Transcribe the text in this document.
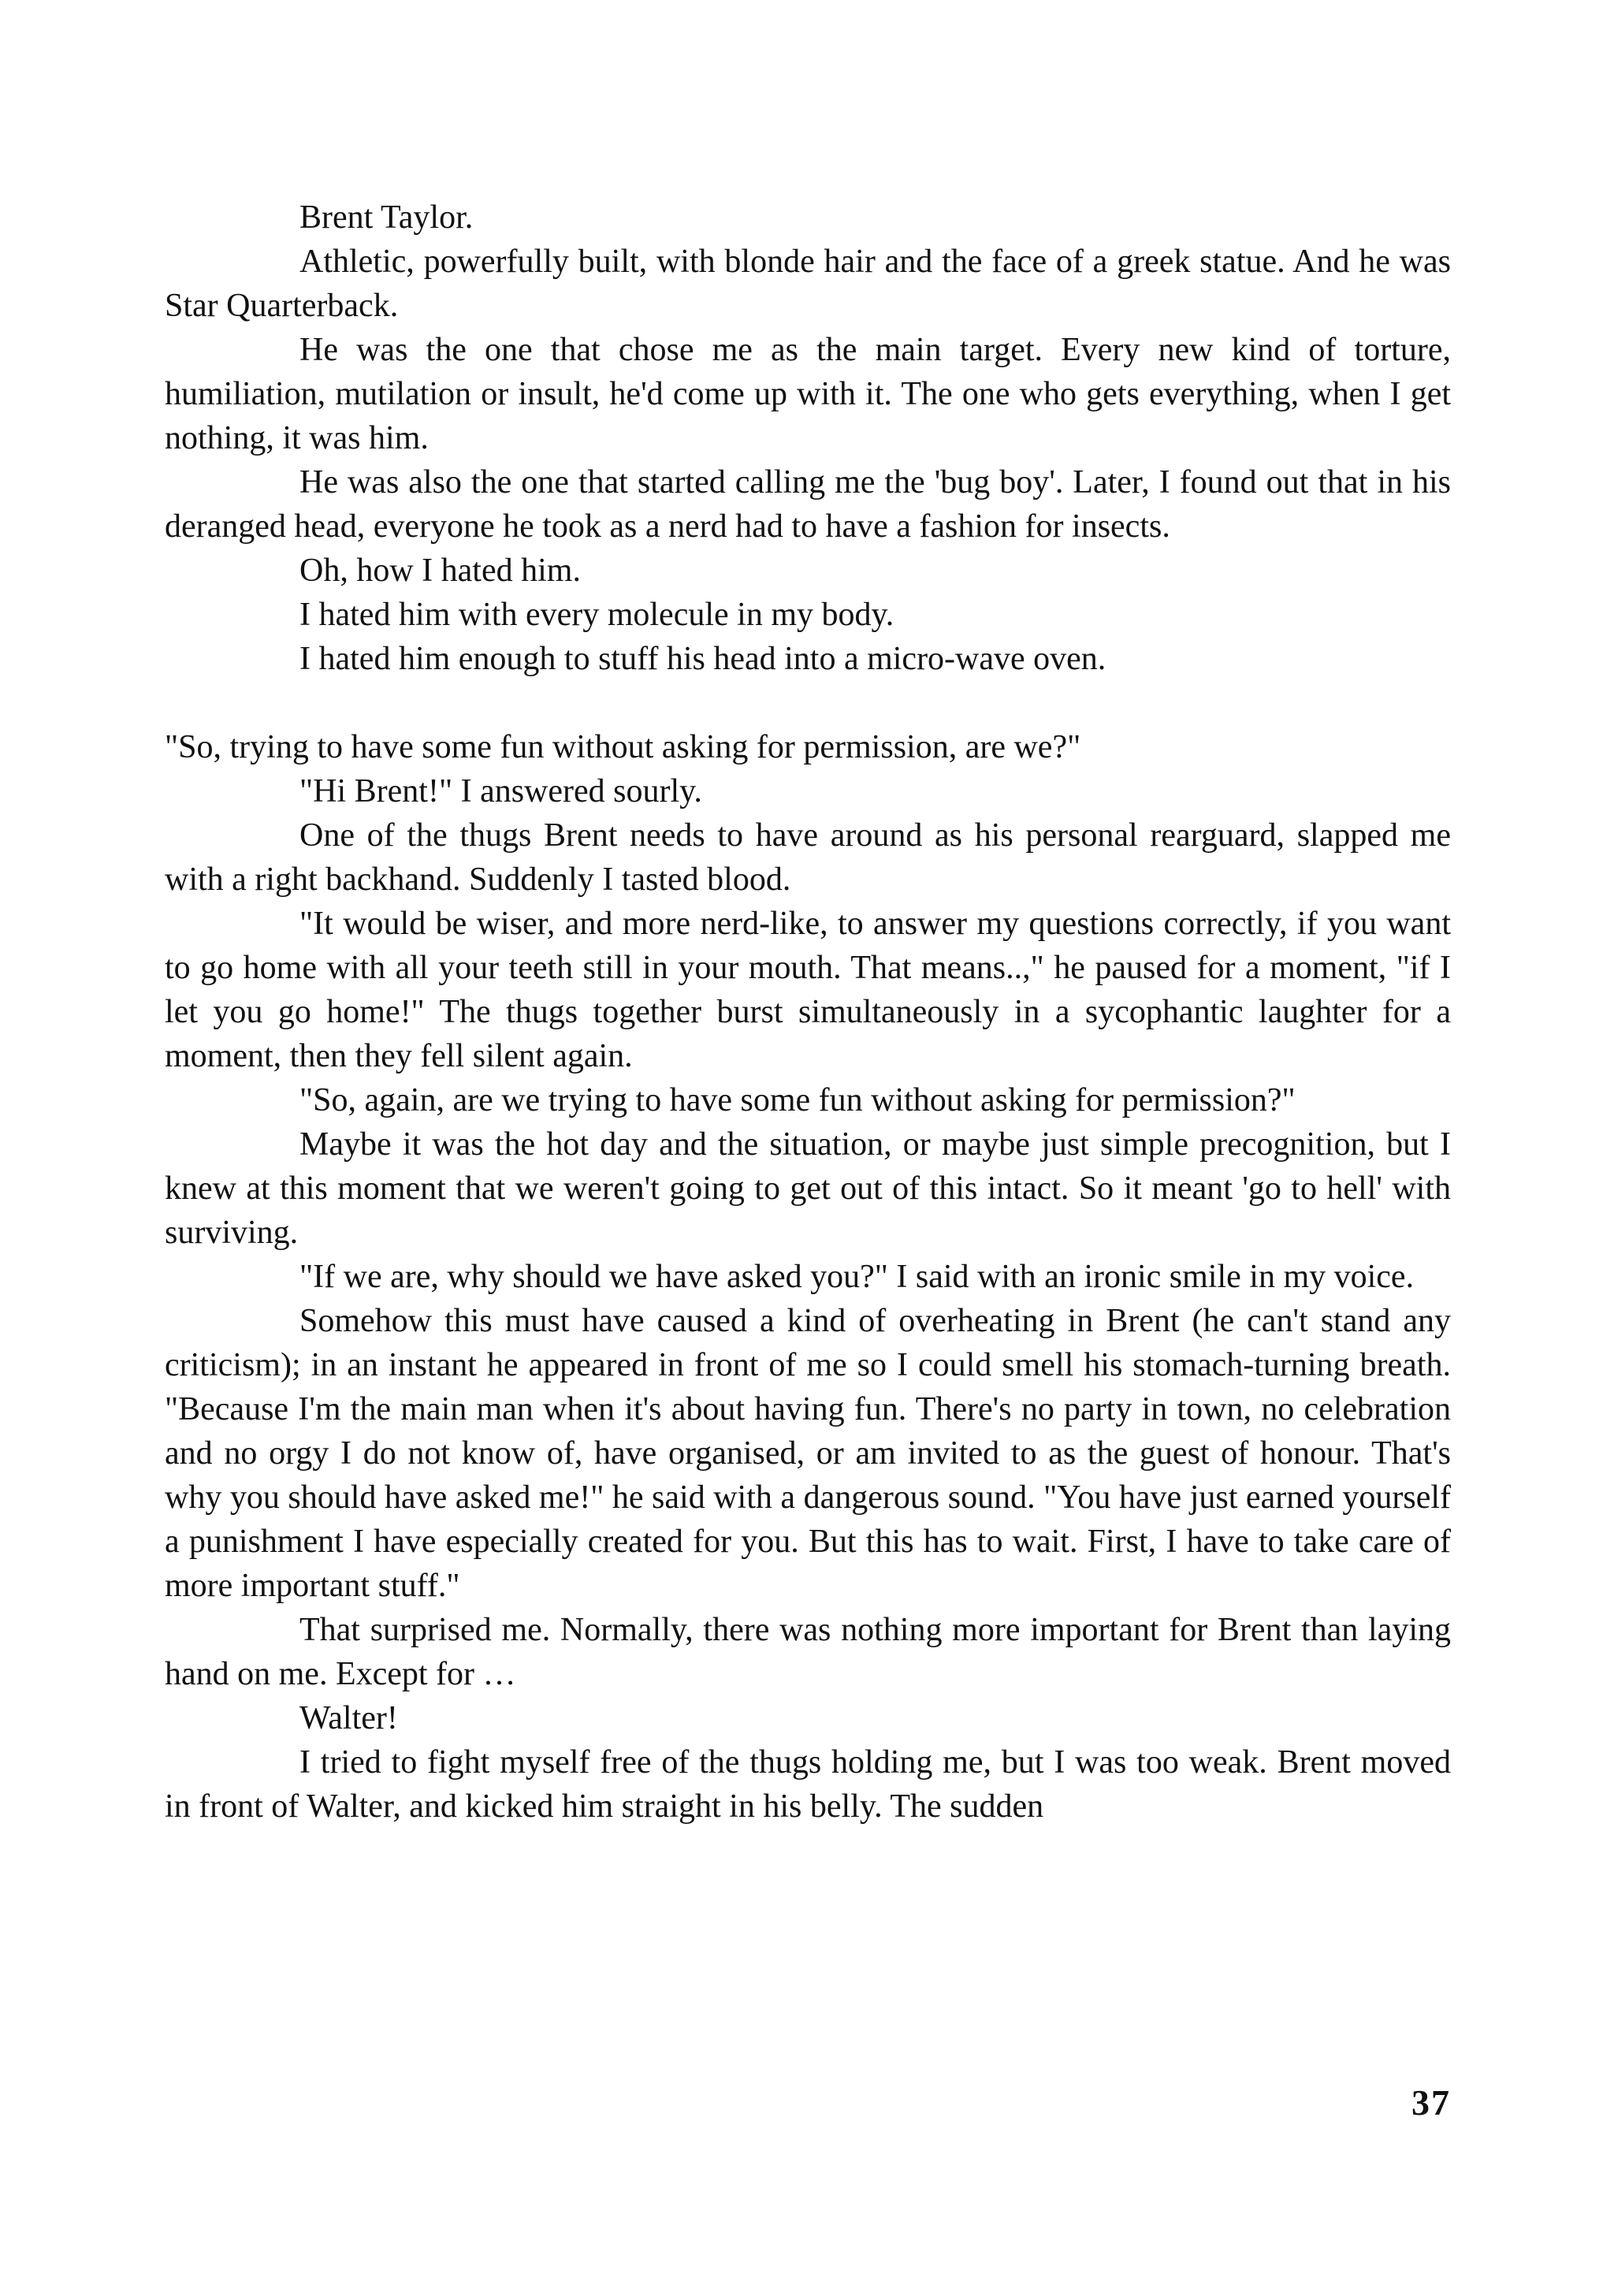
Brent Taylor.

Athletic, powerfully built, with blonde hair and the face of a greek statue. And he was Star Quarterback.

He was the one that chose me as the main target. Every new kind of torture, humiliation, mutilation or insult, he'd come up with it. The one who gets everything, when I get nothing, it was him.

He was also the one that started calling me the 'bug boy'. Later, I found out that in his deranged head, everyone he took as a nerd had to have a fashion for insects.

Oh, how I hated him.

I hated him with every molecule in my body.

I hated him enough to stuff his head into a micro-wave oven.

"So, trying to have some fun without asking for permission, are we?"

"Hi Brent!" I answered sourly.

One of the thugs Brent needs to have around as his personal rearguard, slapped me with a right backhand. Suddenly I tasted blood.

"It would be wiser, and more nerd-like, to answer my questions correctly, if you want to go home with all your teeth still in your mouth. That means..," he paused for a moment, "if I let you go home!" The thugs together burst simultaneously in a sycophantic laughter for a moment, then they fell silent again.

"So, again, are we trying to have some fun without asking for permission?"

Maybe it was the hot day and the situation, or maybe just simple precognition, but I knew at this moment that we weren't going to get out of this intact. So it meant 'go to hell' with surviving.

"If we are, why should we have asked you?" I said with an ironic smile in my voice.

Somehow this must have caused a kind of overheating in Brent (he can't stand any criticism); in an instant he appeared in front of me so I could smell his stomach-turning breath. "Because I'm the main man when it's about having fun. There's no party in town, no celebration and no orgy I do not know of, have organised, or am invited to as the guest of honour. That's why you should have asked me!" he said with a dangerous sound. "You have just earned yourself a punishment I have especially created for you. But this has to wait. First, I have to take care of more important stuff."

That surprised me. Normally, there was nothing more important for Brent than laying hand on me. Except for …

Walter!

I tried to fight myself free of the thugs holding me, but I was too weak. Brent moved in front of Walter, and kicked him straight in his belly. The sudden

37
